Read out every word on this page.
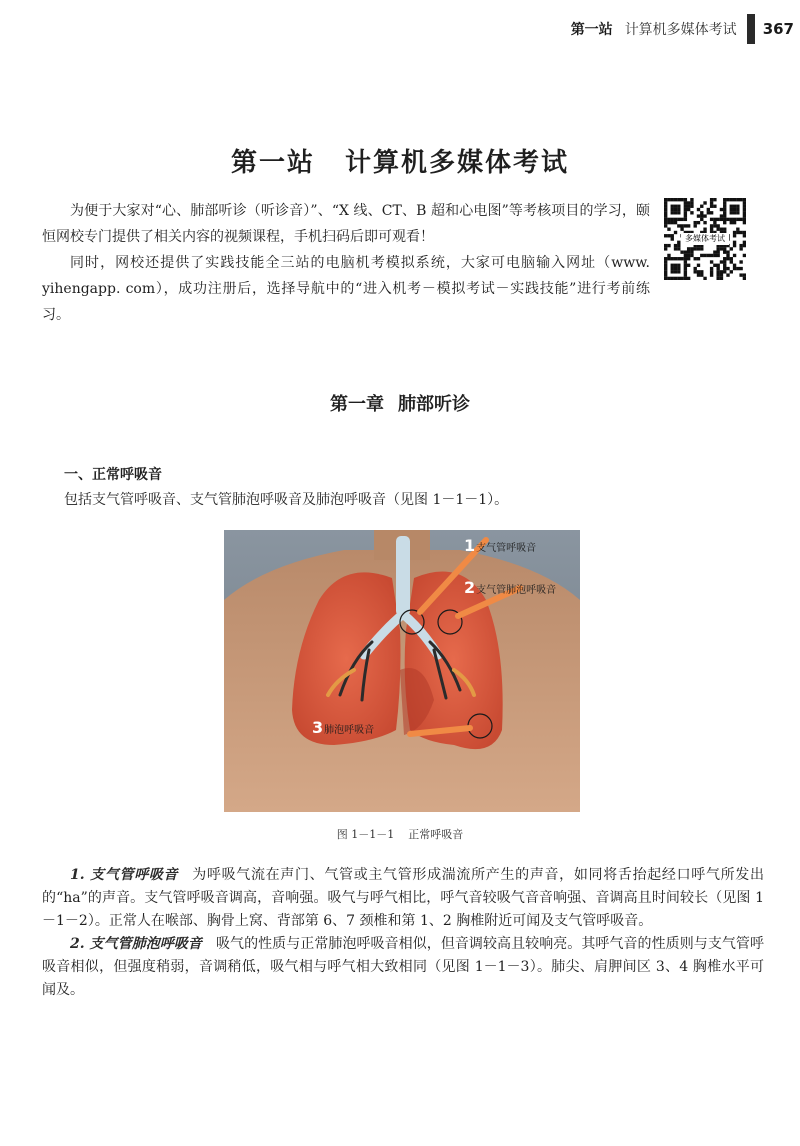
第一站 计算机多媒体考试 367
第一站 计算机多媒体考试

为便于大家对“心、肺部听诊（听诊音）”、“X 线、CT、B 超和心电图”等考核项目的学习，颐恒网校专门提供了相关内容的视频课程，手机扫码后即可观看！

同时，网校还提供了实践技能全三站的电脑机考模拟系统，大家可电脑输入网址（www. yihengapp. com），成功注册后，选择导航中的“进入机考－模拟考试－实践技能”进行考前练习。

多媒体考试
第一章 肺部听诊
一、正常呼吸音

包括支气管呼吸音、支气管肺泡呼吸音及肺泡呼吸音（见图 1－1－1）。

1支气管呼吸音
2支气管肺泡呼吸音
3肺泡呼吸音
图 1－1－1 正常呼吸音

1. 支气管呼吸音 为呼吸气流在声门、气管或主气管形成湍流所产生的声音，如同将舌抬起经口呼气所发出的“ha”的声音。支气管呼吸音调高，音响强。吸气与呼气相比，呼气音较吸气音音响强、音调高且时间较长（见图 1－1－2）。正常人在喉部、胸骨上窝、背部第 6、7 颈椎和第 1、2 胸椎附近可闻及支气管呼吸音。

2. 支气管肺泡呼吸音 吸气的性质与正常肺泡呼吸音相似，但音调较高且较响亮。其呼气音的性质则与支气管呼吸音相似，但强度稍弱，音调稍低，吸气相与呼气相大致相同（见图 1－1－3）。肺尖、肩胛间区 3、4 胸椎水平可闻及。
